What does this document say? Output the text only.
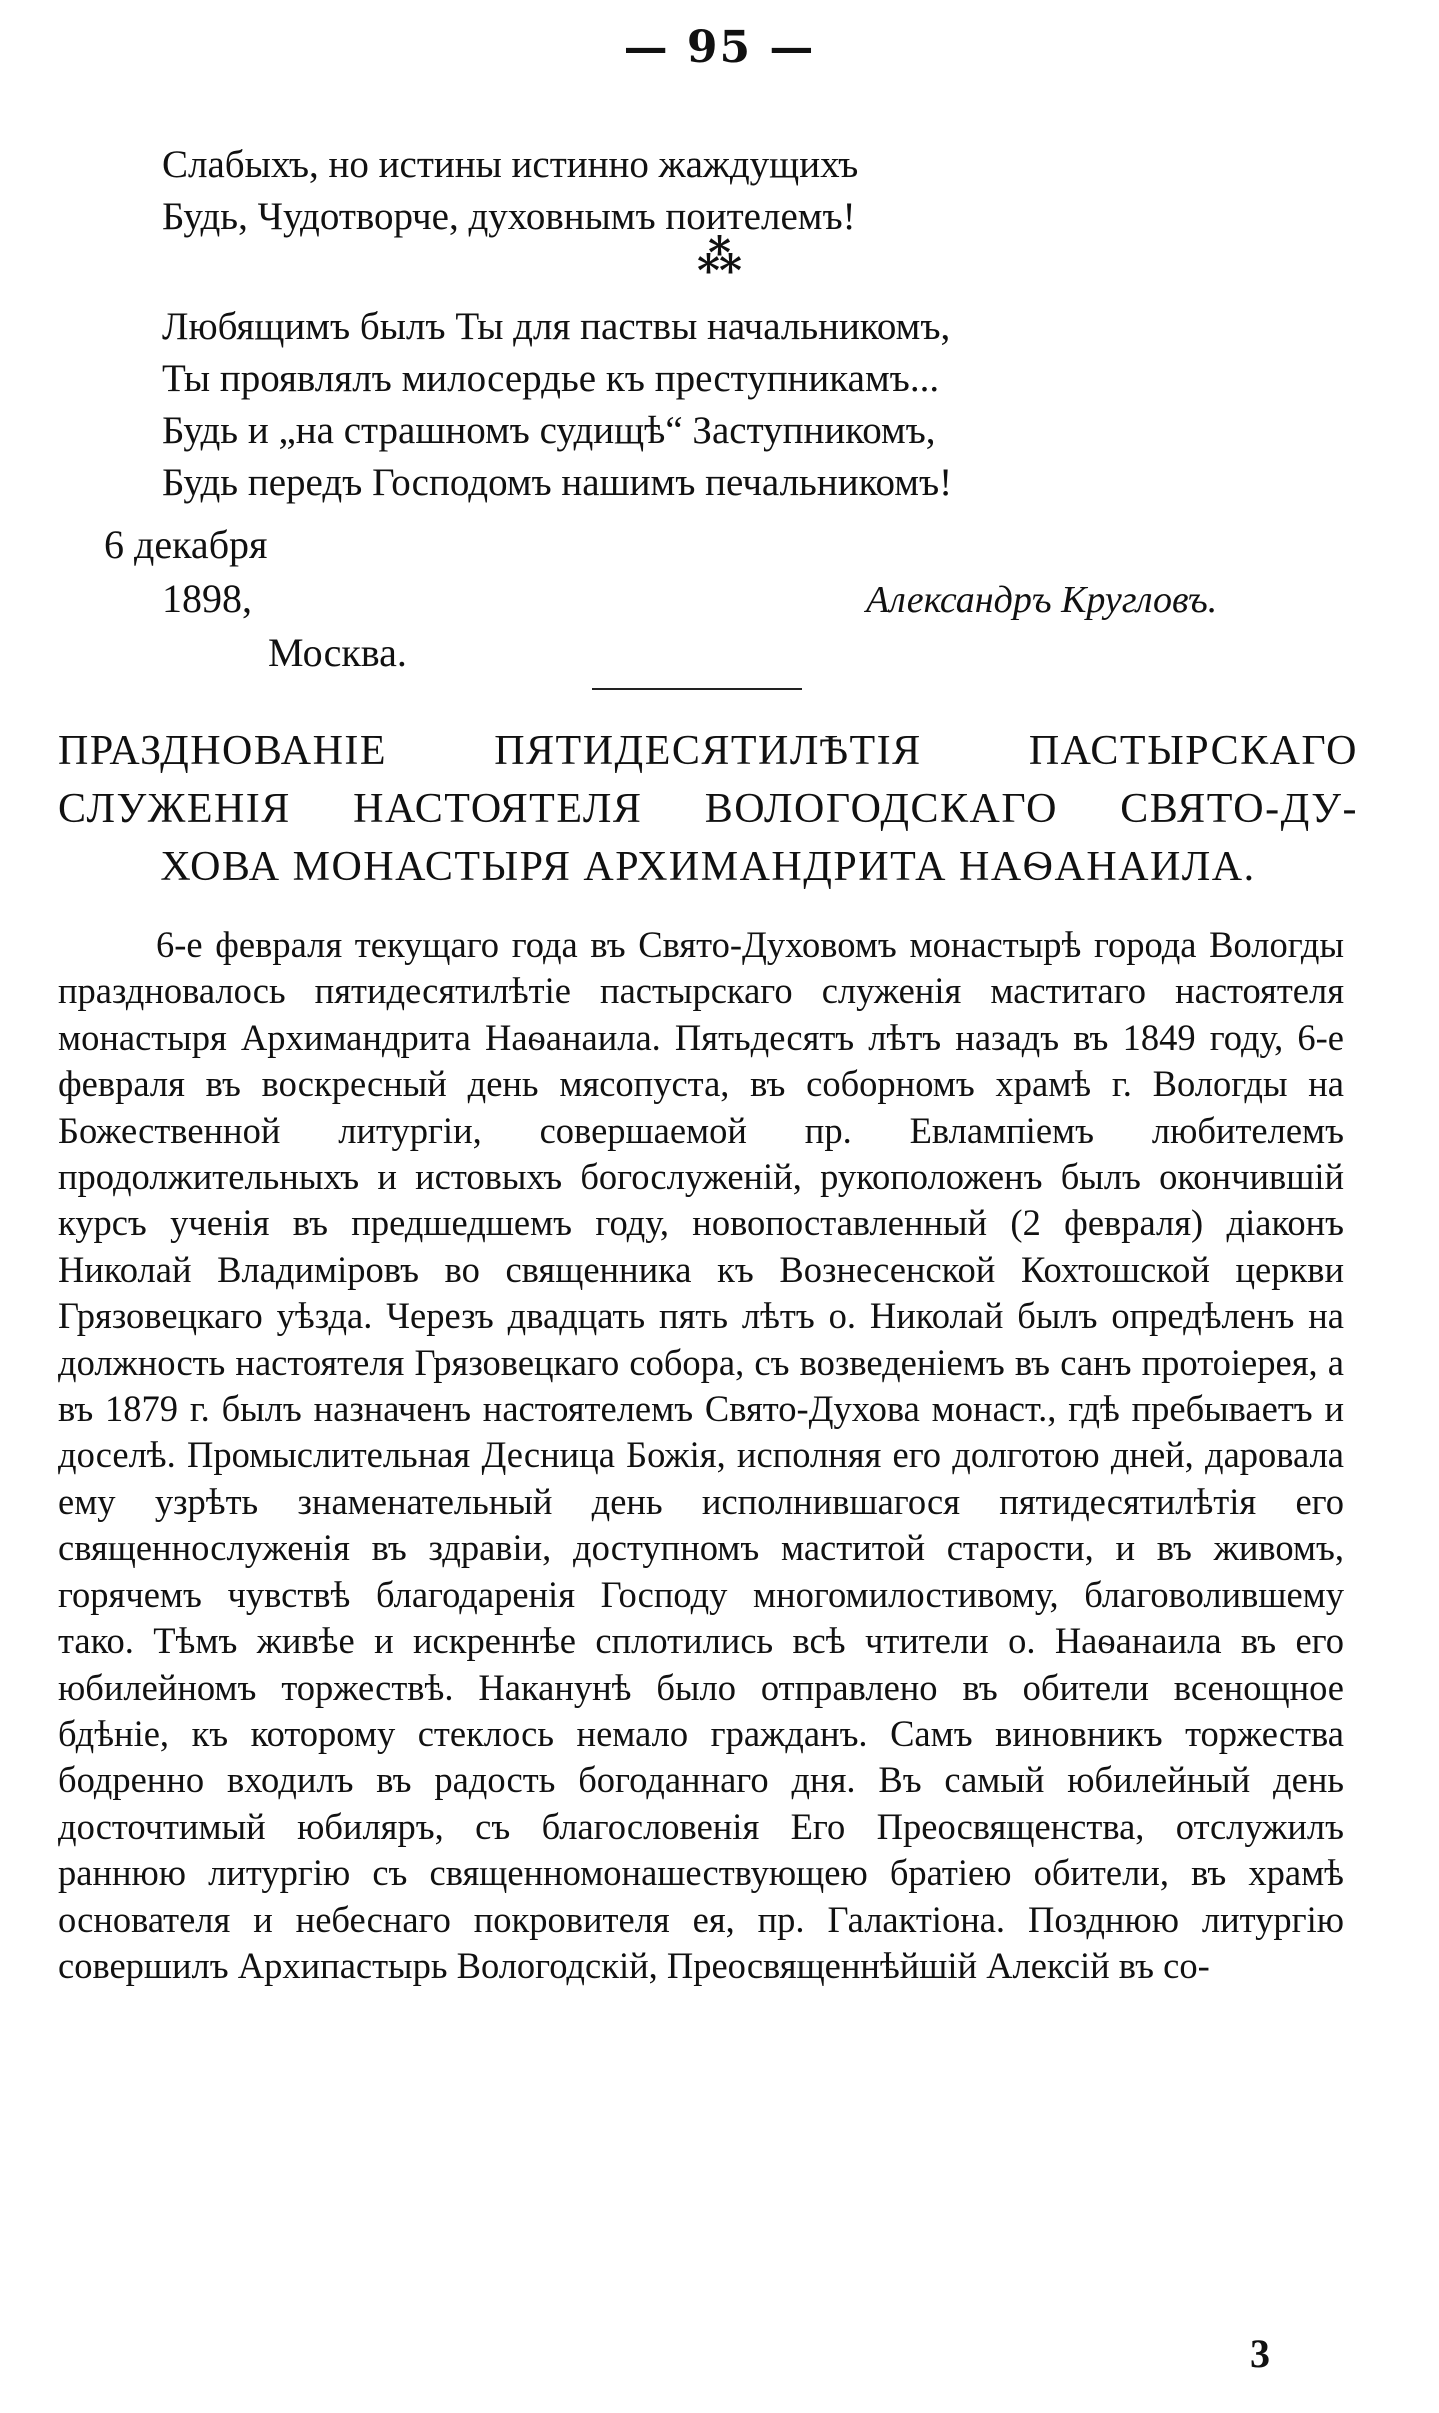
— 95 —
Слабыхъ, но истины истинно жаждущихъ
Будь, Чудотворче, духовнымъ поителемъ!
⁂
Любящимъ былъ Ты для паствы начальникомъ,
Ты проявлялъ милосердье къ преступникамъ...
Будь и „на страшномъ судищѣ“ Заступникомъ,
Будь передъ Господомъ нашимъ печальникомъ!
6 декабря
1898,
Москва.
Александръ Кругловъ.
ПРАЗДНОВАНІЕ ПЯТИДЕСЯТИЛѢТІЯ ПАСТЫРСКАГО
СЛУЖЕНІЯ НАСТОЯТЕЛЯ ВОЛОГОДСКАГО СВЯТО-ДУ-
ХОВА МОНАСТЫРЯ АРХИМАНДРИТА НАѲАНАИЛА.
6-е февраля текущаго года въ Свято-Духовомъ монастырѣ города Вологды праздновалось пятидесятилѣтіе пастырскаго служенія маститаго настоятеля монастыря Архимандрита Наѳанаила. Пятьдесятъ лѣтъ назадъ въ 1849 году, 6-е февраля въ воскресный день мясопуста, въ соборномъ храмѣ г. Вологды на Божественной литургіи, совершаемой пр. Евлампіемъ любителемъ продолжительныхъ и истовыхъ богослуженій, рукоположенъ былъ окончившій курсъ ученія въ предшедшемъ году, новопоставленный (2 февраля) діаконъ Николай Владиміровъ во священника къ Вознесенской Кохтошской церкви Грязовецкаго уѣзда. Черезъ двадцать пять лѣтъ о. Николай былъ опредѣленъ на должность настоятеля Грязовецкаго собора, съ возведеніемъ въ санъ протоіерея, а въ 1879 г. былъ назначенъ настоятелемъ Свято-Духова монаст., гдѣ пребываетъ и доселѣ. Промыслительная Десница Божія, исполняя его долготою дней, даровала ему узрѣть знаменательный день исполнившагося пятидесятилѣтія его священнослуженія въ здравіи, доступномъ маститой старости, и въ живомъ, горячемъ чувствѣ благодаренія Господу многомилостивому, благоволившему тако. Тѣмъ живѣе и искреннѣе сплотились всѣ чтители о. Наѳанаила въ его юбилейномъ торжествѣ. Наканунѣ было отправлено въ обители всенощное бдѣніе, къ которому стеклось немало гражданъ. Самъ виновникъ торжества бодренно входилъ въ радость богоданнаго дня. Въ самый юбилейный день досточтимый юбиляръ, съ благословенія Его Преосвященства, отслужилъ раннюю литургію съ священномонашествующею братіею обители, въ храмѣ основателя и небеснаго покровителя ея, пр. Галактіона. Позднюю литургію совершилъ Архипастырь Вологодскій, Преосвященнѣйшій Алексій въ со-
3
